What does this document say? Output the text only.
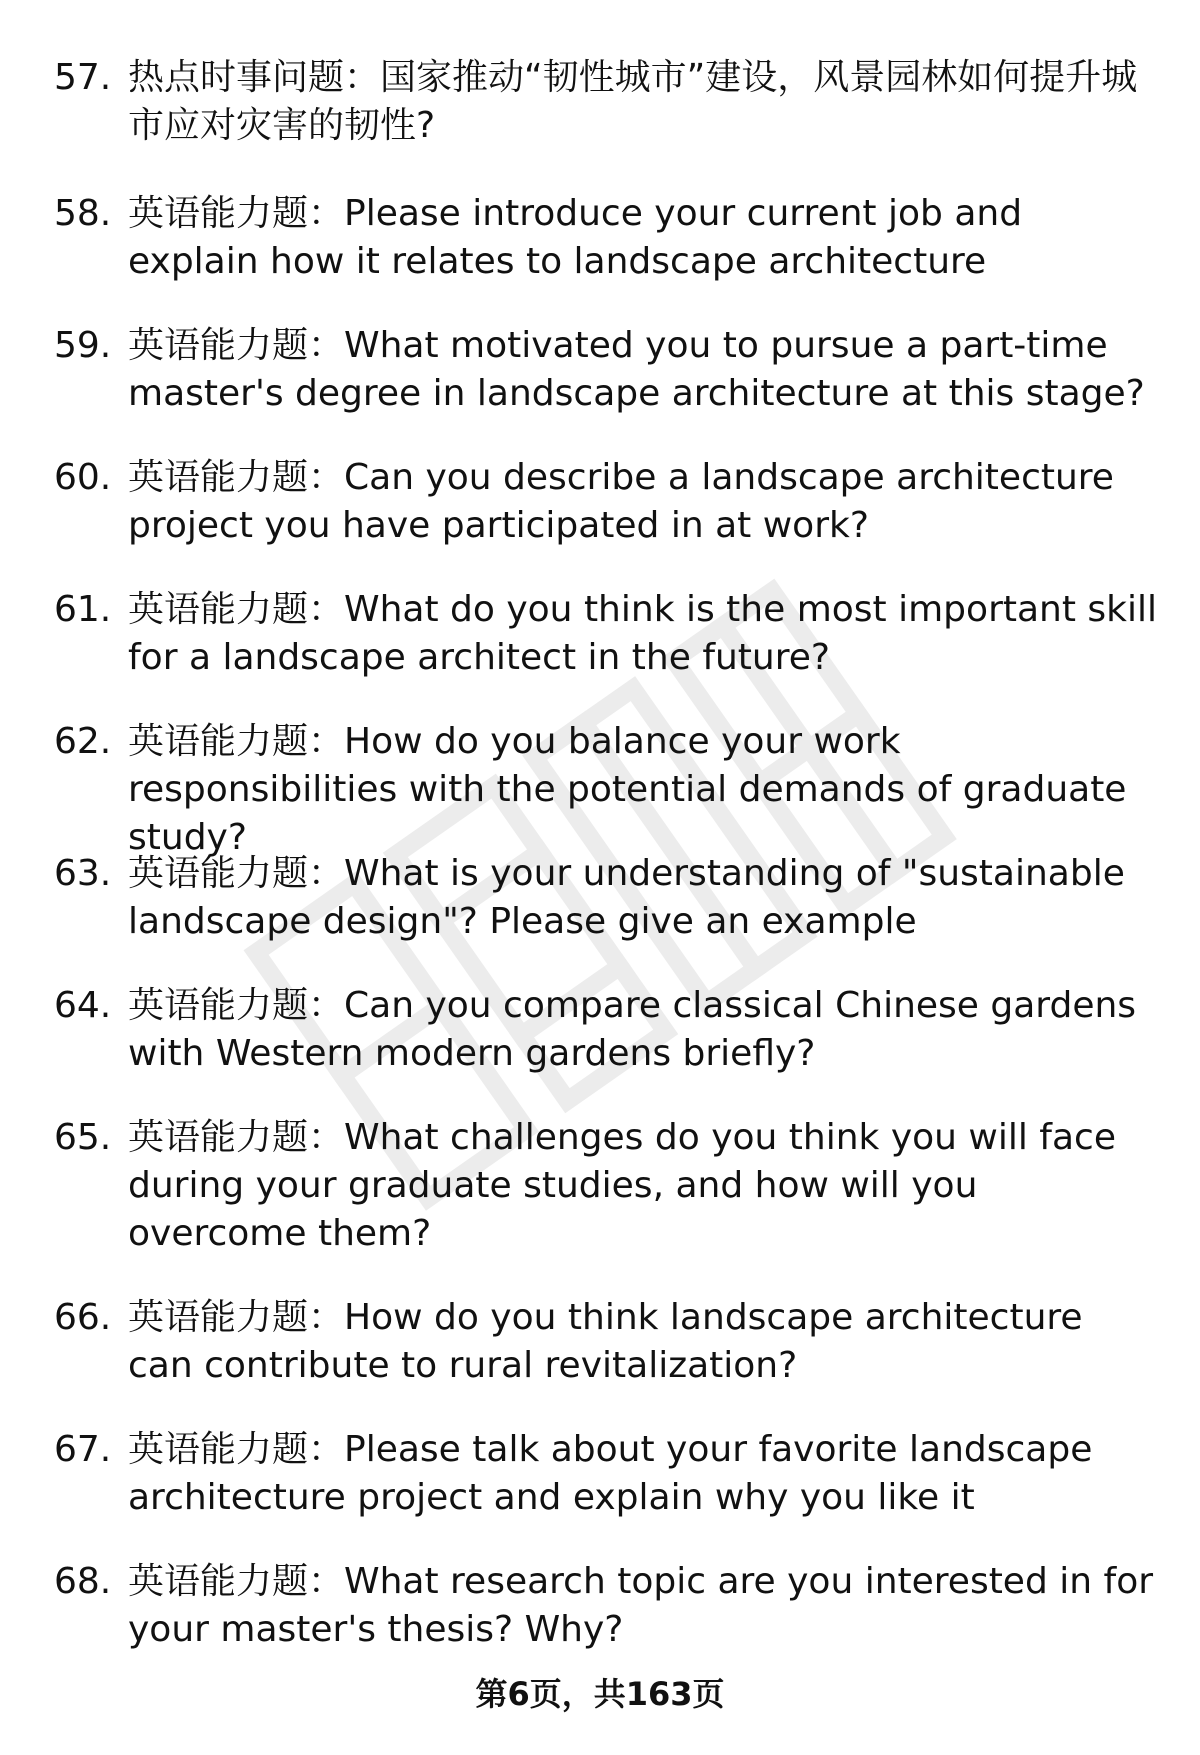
57. 热点时事问题：国家推动“韧性城市”建设，风景园林如何提升城市应对灾害的韧性?
58. 英语能力题：Please introduce your current job and explain how it relates to landscape architecture
59. 英语能力题：What motivated you to pursue a part-time master's degree in landscape architecture at this stage?
60. 英语能力题：Can you describe a landscape architecture project you have participated in at work?
61. 英语能力题：What do you think is the most important skill for a landscape architect in the future?
62. 英语能力题：How do you balance your work responsibilities with the potential demands of graduate study?
63. 英语能力题：What is your understanding of "sustainable landscape design"? Please give an example
64. 英语能力题：Can you compare classical Chinese gardens with Western modern gardens briefly?
65. 英语能力题：What challenges do you think you will face during your graduate studies, and how will you overcome them?
66. 英语能力题：How do you think landscape architecture can contribute to rural revitalization?
67. 英语能力题：Please talk about your favorite landscape architecture project and explain why you like it
68. 英语能力题：What research topic are you interested in for your master's thesis? Why?
第6页，共163页
